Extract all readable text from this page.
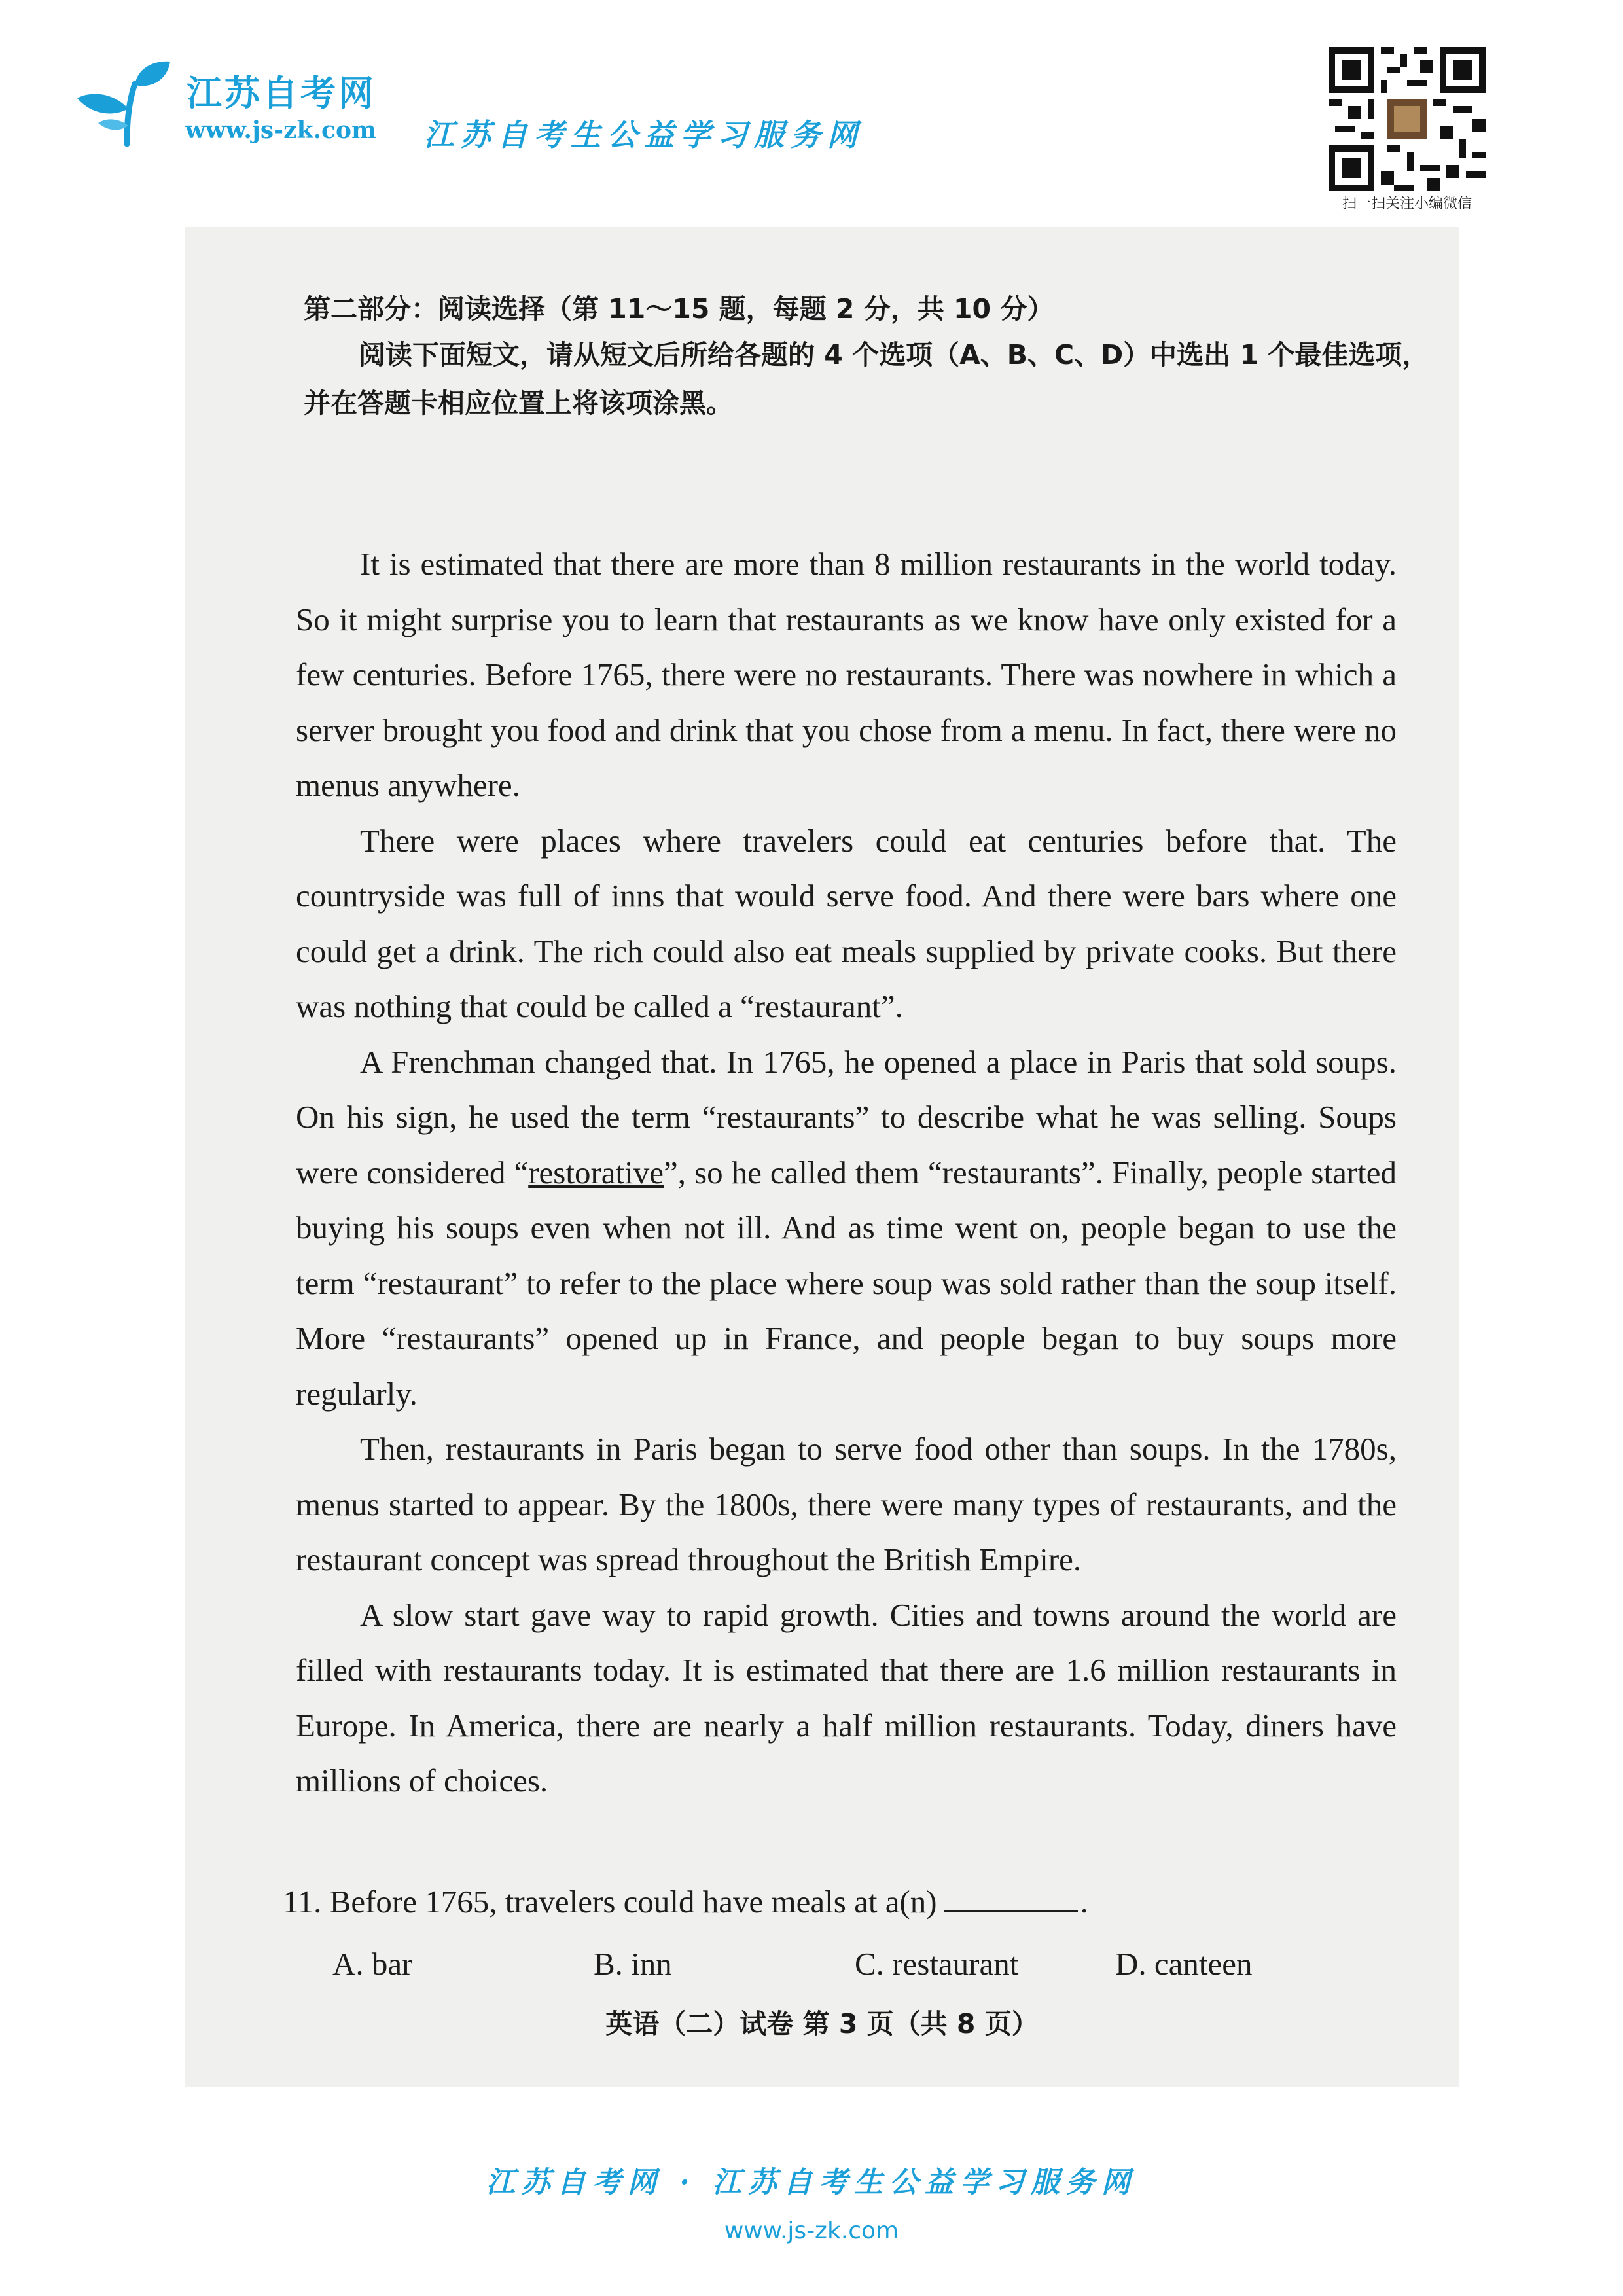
江苏自考网
www.js-zk.com 江苏自考生公益学习服务网
扫一扫关注小编微信
第二部分：阅读选择（第 11～15 题，每题 2 分，共 10 分）

阅读下面短文，请从短文后所给各题的 4 个选项（A、B、C、D）中选出 1 个最佳选项，并在答题卡相应位置上将该项涂黑。

It is estimated that there are more than 8 million restaurants in the world today. So it might surprise you to learn that restaurants as we know have only existed for a few centuries. Before 1765, there were no restaurants. There was nowhere in which a server brought you food and drink that you chose from a menu. In fact, there were no menus anywhere.

There were places where travelers could eat centuries before that. The countryside was full of inns that would serve food. And there were bars where one could get a drink. The rich could also eat meals supplied by private cooks. But there was nothing that could be called a “restaurant”.

A Frenchman changed that. In 1765, he opened a place in Paris that sold soups. On his sign, he used the term “restaurants” to describe what he was selling. Soups were considered “restorative”, so he called them “restaurants”. Finally, people started buying his soups even when not ill. And as time went on, people began to use the term “restaurant” to refer to the place where soup was sold rather than the soup itself. More “restaurants” opened up in France, and people began to buy soups more regularly.

Then, restaurants in Paris began to serve food other than soups. In the 1780s, menus started to appear. By the 1800s, there were many types of restaurants, and the restaurant concept was spread throughout the British Empire.

A slow start gave way to rapid growth. Cities and towns around the world are filled with restaurants today. It is estimated that there are 1.6 million restaurants in Europe. In America, there are nearly a half million restaurants. Today, diners have millions of choices.

11. Before 1765, travelers could have meals at a(n)	.
A. bar	B. inn	C. restaurant	D. canteen
英语（二）试卷 第 3 页（共 8 页）
江苏自考网 · 江苏自考生公益学习服务网
www.js-zk.com
